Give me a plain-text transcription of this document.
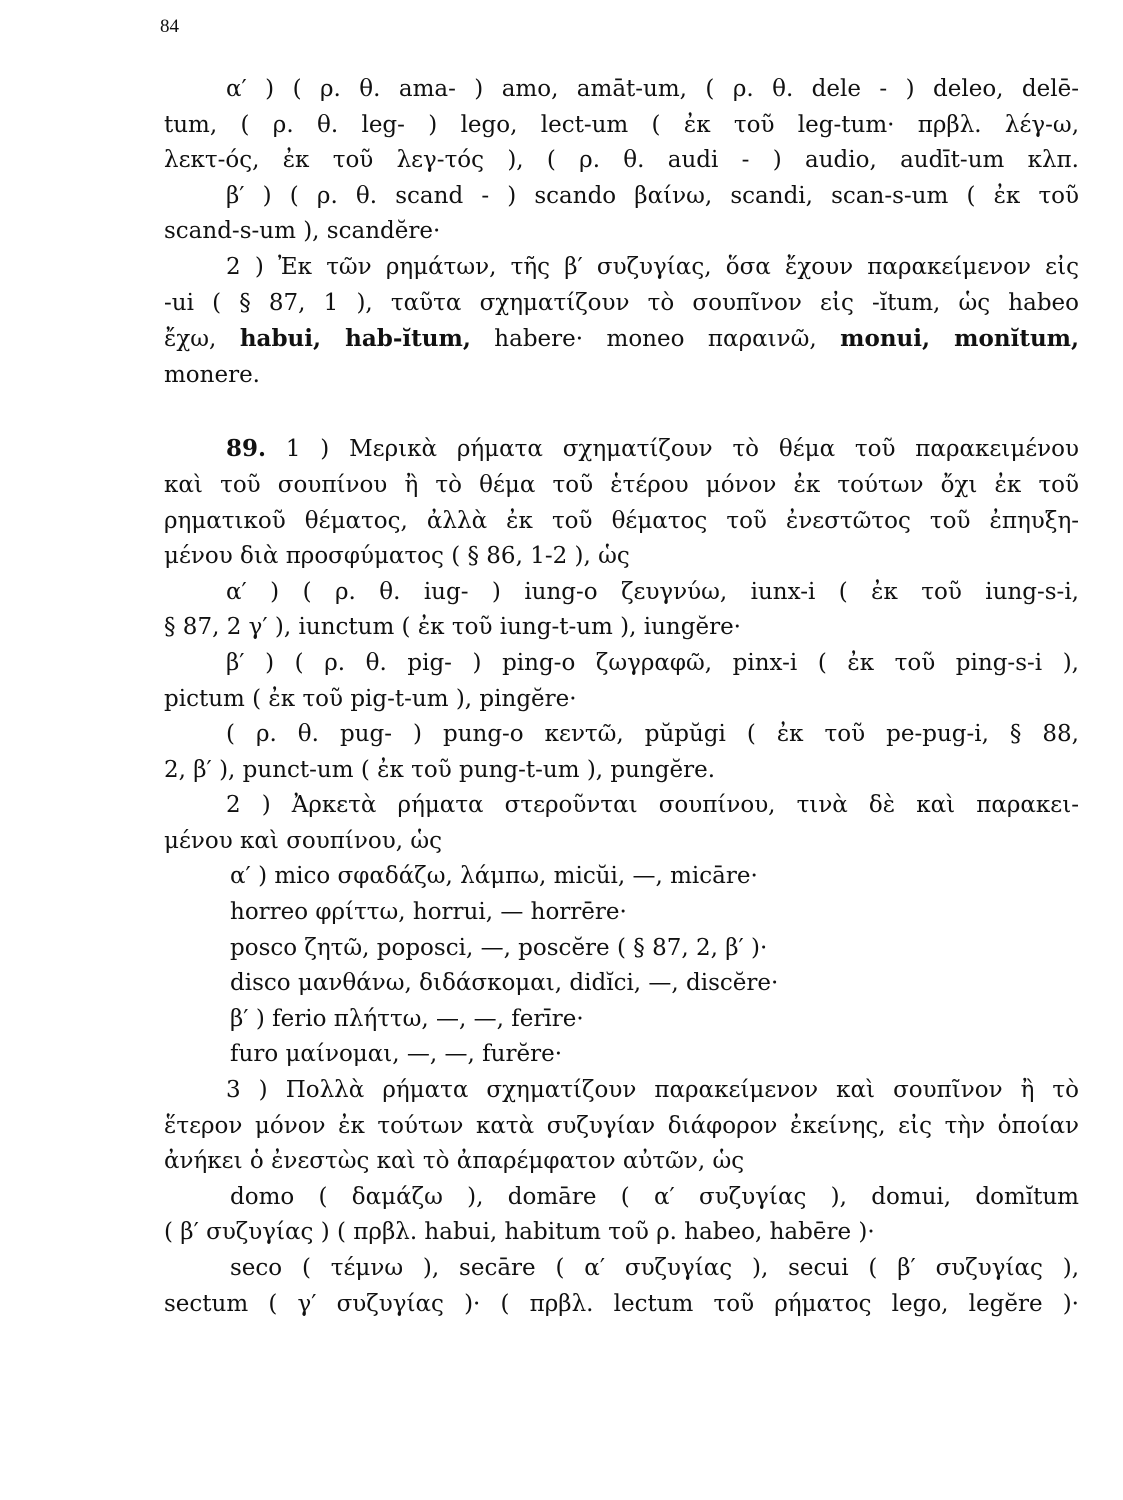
84
α′ ) ( ρ. θ. ama- ) amo, amāt-um, ( ρ. θ. dele - ) deleo, delē-
tum, ( ρ. θ. leg- ) lego, lect-um ( ἐκ τοῦ leg-tum· πρβλ. λέγ-ω,
λεκτ-ός, ἐκ τοῦ λεγ-τός ), ( ρ. θ. audi - ) audio, audīt-um κλπ.
β′ ) ( ρ. θ. scand - ) scando βαίνω, scandi, scan-s-um ( ἐκ τοῦ
scand-s-um ), scandĕre·
2 ) Ἐκ τῶν ρημάτων, τῆς β′ συζυγίας, ὅσα ἔχουν παρακείμενον εἰς
-ui ( § 87, 1 ), ταῦτα σχηματίζουν τὸ σουπῖνον εἰς -ĭtum, ὡς habeo
ἔχω, habui, hab-ĭtum, habere· moneo παραινῶ, monui, monĭtum,
monere.
89. 1 ) Μερικὰ ρήματα σχηματίζουν τὸ θέμα τοῦ παρακειμένου
καὶ τοῦ σουπίνου ἢ τὸ θέμα τοῦ ἑτέρου μόνον ἐκ τούτων ὄχι ἐκ τοῦ
ρηματικοῦ θέματος, ἀλλὰ ἐκ τοῦ θέματος τοῦ ἐνεστῶτος τοῦ ἐπηυξη-
μένου διὰ προσφύματος ( § 86, 1-2 ), ὡς
α′ ) ( ρ. θ. iug- ) iung-o ζευγνύω, iunx-i ( ἐκ τοῦ iung-s-i,
§ 87, 2 γ′ ), iunctum ( ἐκ τοῦ iung-t-um ), iungĕre·
β′ ) ( ρ. θ. pig- ) ping-o ζωγραφῶ, pinx-i ( ἐκ τοῦ ping-s-i ),
pictum ( ἐκ τοῦ pig-t-um ), pingĕre·
( ρ. θ. pug- ) pung-o κεντῶ, pŭpŭgi ( ἐκ τοῦ pe-pug-i, § 88,
2, β′ ), punct-um ( ἐκ τοῦ pung-t-um ), pungĕre.
2 ) Ἀρκετὰ ρήματα στεροῦνται σουπίνου, τινὰ δὲ καὶ παρακει-
μένου καὶ σουπίνου, ὡς
α′ ) mico σφαδάζω, λάμπω, micŭi, —, micāre·
horreo φρίττω, horrui, — horrēre·
posco ζητῶ, poposci, —, poscĕre ( § 87, 2, β′ )·
disco μανθάνω, διδάσκομαι, didĭci, —, discĕre·
β′ ) ferio πλήττω, —, —, ferīre·
furo μαίνομαι, —, —, furĕre·
3 ) Πολλὰ ρήματα σχηματίζουν παρακείμενον καὶ σουπῖνον ἢ τὸ
ἕτερον μόνον ἐκ τούτων κατὰ συζυγίαν διάφορον ἐκείνης, εἰς τὴν ὁποίαν
ἀνήκει ὁ ἐνεστὼς καὶ τὸ ἀπαρέμφατον αὐτῶν, ὡς
domo ( δαμάζω ), domāre ( α′ συζυγίας ), domui, domĭtum
( β′ συζυγίας ) ( πρβλ. habui, habitum τοῦ ρ. habeo, habēre )·
seco ( τέμνω ), secāre ( α′ συζυγίας ), secui ( β′ συζυγίας ),
sectum ( γ′ συζυγίας )· ( πρβλ. lectum τοῦ ρήματος lego, legĕre )·
